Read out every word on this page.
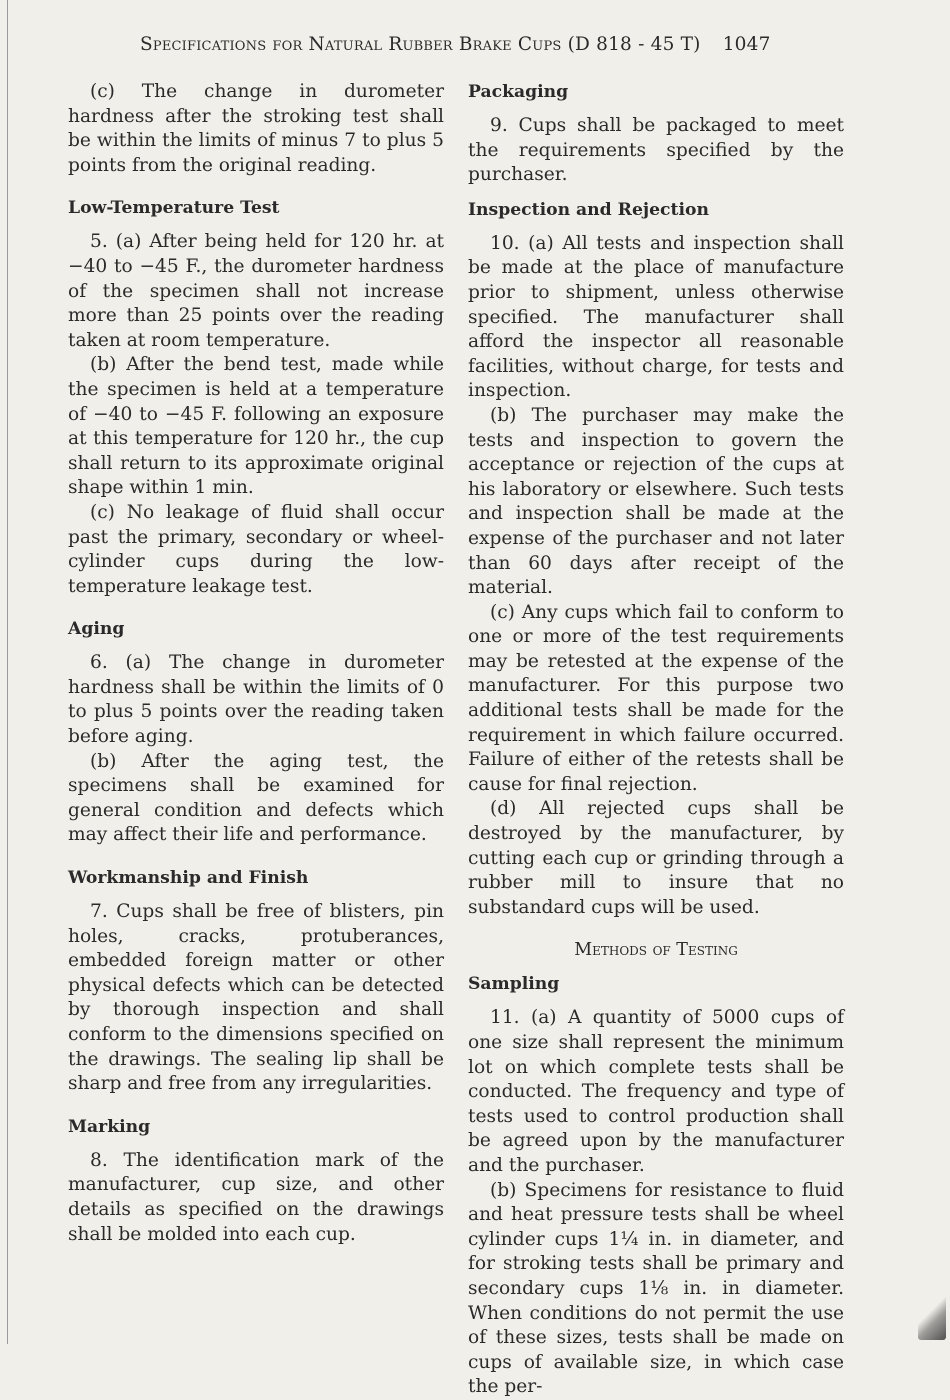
Specifications for Natural Rubber Brake Cups (D 818 - 45 T) 1047

(c) The change in durometer hardness after the stroking test shall be within the limits of minus 7 to plus 5 points from the original reading.

Low-Temperature Test

5. (a) After being held for 120 hr. at −40 to −45 F., the durometer hardness of the specimen shall not increase more than 25 points over the reading taken at room temperature.

(b) After the bend test, made while the specimen is held at a temperature of −40 to −45 F. following an exposure at this temperature for 120 hr., the cup shall return to its approximate original shape within 1 min.

(c) No leakage of fluid shall occur past the primary, secondary or wheel-cylinder cups during the low-temperature leakage test.

Aging

6. (a) The change in durometer hardness shall be within the limits of 0 to plus 5 points over the reading taken before aging.

(b) After the aging test, the specimens shall be examined for general condition and defects which may affect their life and performance.

Workmanship and Finish

7. Cups shall be free of blisters, pin holes, cracks, protuberances, embedded foreign matter or other physical defects which can be detected by thorough inspection and shall conform to the dimensions specified on the drawings. The sealing lip shall be sharp and free from any irregularities.

Marking

8. The identification mark of the manufacturer, cup size, and other details as specified on the drawings shall be molded into each cup.

Packaging

9. Cups shall be packaged to meet the requirements specified by the purchaser.

Inspection and Rejection

10. (a) All tests and inspection shall be made at the place of manufacture prior to shipment, unless otherwise specified. The manufacturer shall afford the inspector all reasonable facilities, without charge, for tests and inspection.

(b) The purchaser may make the tests and inspection to govern the acceptance or rejection of the cups at his laboratory or elsewhere. Such tests and inspection shall be made at the expense of the purchaser and not later than 60 days after receipt of the material.

(c) Any cups which fail to conform to one or more of the test requirements may be retested at the expense of the manufacturer. For this purpose two additional tests shall be made for the requirement in which failure occurred. Failure of either of the retests shall be cause for final rejection.

(d) All rejected cups shall be destroyed by the manufacturer, by cutting each cup or grinding through a rubber mill to insure that no substandard cups will be used.

Methods of Testing
Sampling

11. (a) A quantity of 5000 cups of one size shall represent the minimum lot on which complete tests shall be conducted. The frequency and type of tests used to control production shall be agreed upon by the manufacturer and the purchaser.

(b) Specimens for resistance to fluid and heat pressure tests shall be wheel cylinder cups 1¼ in. in diameter, and for stroking tests shall be primary and secondary cups 1⅛ in. in diameter. When conditions do not permit the use of these sizes, tests shall be made on cups of available size, in which case the per-
